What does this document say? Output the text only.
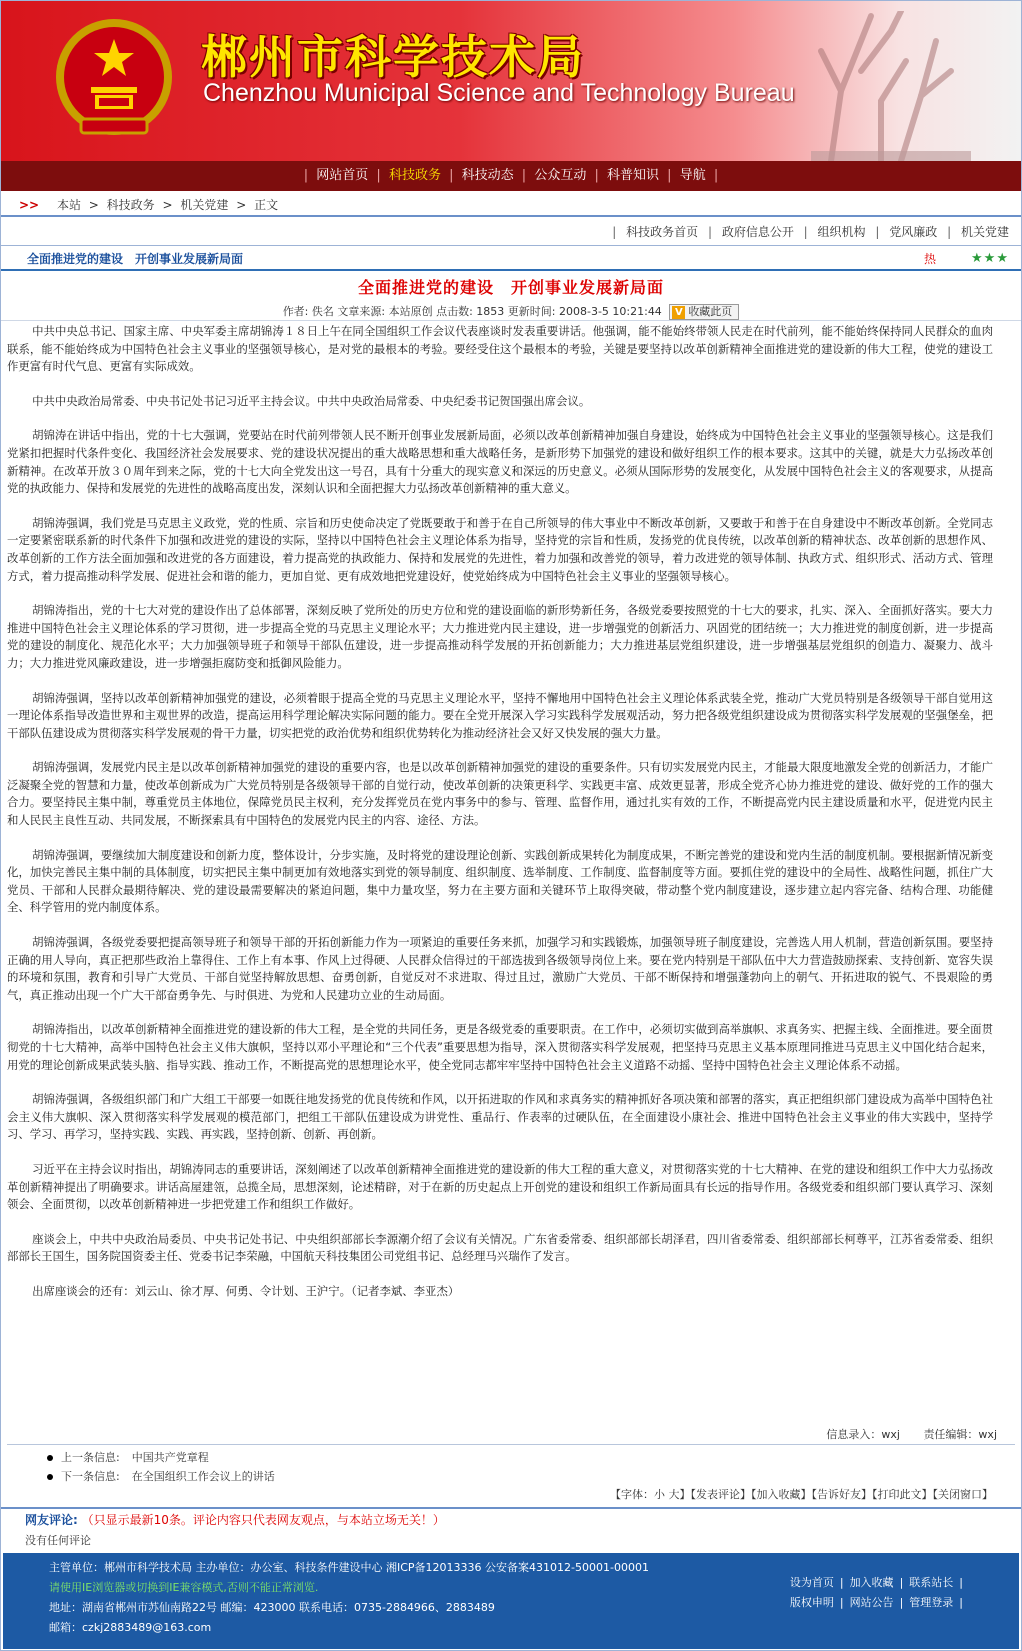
郴州市科学技术局
Chenzhou Municipal Science and Technology Bureau
| 网站首页 | 科技政务 | 科技动态 | 公众互动 | 科普知识 | 导航 |
>> 本站 > 科技政务 > 机关党建 > 正文
| 科技政务首页 | 政府信息公开 | 组织机构 | 党风廉政 | 机关党建
全面推进党的建设　开创事业发展新局面	热	★★★
全面推进党的建设　开创事业发展新局面
作者: 佚名 文章来源: 本站原创 点击数: 1853 更新时间: 2008-3-5 10:21:44 V 收藏此页

中共中央总书记、国家主席、中央军委主席胡锦涛１８日上午在同全国组织工作会议代表座谈时发表重要讲话。他强调，能不能始终带领人民走在时代前列，能不能始终保持同人民群众的血肉联系，能不能始终成为中国特色社会主义事业的坚强领导核心，是对党的最根本的考验。要经受住这个最根本的考验，关键是要坚持以改革创新精神全面推进党的建设新的伟大工程，使党的建设工作更富有时代气息、更富有实际成效。

中共中央政治局常委、中央书记处书记习近平主持会议。中共中央政治局常委、中央纪委书记贺国强出席会议。

胡锦涛在讲话中指出，党的十七大强调，党要站在时代前列带领人民不断开创事业发展新局面，必须以改革创新精神加强自身建设，始终成为中国特色社会主义事业的坚强领导核心。这是我们党紧扣把握时代条件变化、我国经济社会发展要求、党的建设状况提出的重大战略思想和重大战略任务，是新形势下加强党的建设和做好组织工作的根本要求。这其中的关键，就是大力弘扬改革创新精神。在改革开放３０周年到来之际，党的十七大向全党发出这一号召，具有十分重大的现实意义和深远的历史意义。必须从国际形势的发展变化，从发展中国特色社会主义的客观要求，从提高党的执政能力、保持和发展党的先进性的战略高度出发，深刻认识和全面把握大力弘扬改革创新精神的重大意义。

胡锦涛强调，我们党是马克思主义政党，党的性质、宗旨和历史使命决定了党既要敢于和善于在自己所领导的伟大事业中不断改革创新，又要敢于和善于在自身建设中不断改革创新。全党同志一定要紧密联系新的时代条件下加强和改进党的建设的实际，坚持以中国特色社会主义理论体系为指导，坚持党的宗旨和性质，发扬党的优良传统，以改革创新的精神状态、改革创新的思想作风、改革创新的工作方法全面加强和改进党的各方面建设，着力提高党的执政能力、保持和发展党的先进性，着力加强和改善党的领导，着力改进党的领导体制、执政方式、组织形式、活动方式、管理方式，着力提高推动科学发展、促进社会和谐的能力，更加自觉、更有成效地把党建设好，使党始终成为中国特色社会主义事业的坚强领导核心。

胡锦涛指出，党的十七大对党的建设作出了总体部署，深刻反映了党所处的历史方位和党的建设面临的新形势新任务，各级党委要按照党的十七大的要求，扎实、深入、全面抓好落实。要大力推进中国特色社会主义理论体系的学习贯彻，进一步提高全党的马克思主义理论水平；大力推进党内民主建设，进一步增强党的创新活力、巩固党的团结统一；大力推进党的制度创新，进一步提高党的建设的制度化、规范化水平；大力加强领导班子和领导干部队伍建设，进一步提高推动科学发展的开拓创新能力；大力推进基层党组织建设，进一步增强基层党组织的创造力、凝聚力、战斗力；大力推进党风廉政建设，进一步增强拒腐防变和抵御风险能力。

胡锦涛强调，坚持以改革创新精神加强党的建设，必须着眼于提高全党的马克思主义理论水平，坚持不懈地用中国特色社会主义理论体系武装全党，推动广大党员特别是各级领导干部自觉用这一理论体系指导改造世界和主观世界的改造，提高运用科学理论解决实际问题的能力。要在全党开展深入学习实践科学发展观活动，努力把各级党组织建设成为贯彻落实科学发展观的坚强堡垒，把干部队伍建设成为贯彻落实科学发展观的骨干力量，切实把党的政治优势和组织优势转化为推动经济社会又好又快发展的强大力量。

胡锦涛强调，发展党内民主是以改革创新精神加强党的建设的重要内容，也是以改革创新精神加强党的建设的重要条件。只有切实发展党内民主，才能最大限度地激发全党的创新活力，才能广泛凝聚全党的智慧和力量，使改革创新成为广大党员特别是各级领导干部的自觉行动，使改革创新的决策更科学、实践更丰富、成效更显著，形成全党齐心协力推进党的建设、做好党的工作的强大合力。要坚持民主集中制，尊重党员主体地位，保障党员民主权利，充分发挥党员在党内事务中的参与、管理、监督作用，通过扎实有效的工作，不断提高党内民主建设质量和水平，促进党内民主和人民民主良性互动、共同发展，不断探索具有中国特色的发展党内民主的内容、途径、方法。

胡锦涛强调，要继续加大制度建设和创新力度，整体设计，分步实施，及时将党的建设理论创新、实践创新成果转化为制度成果，不断完善党的建设和党内生活的制度机制。要根据新情况新变化，加快完善民主集中制的具体制度，切实把民主集中制更加有效地落实到党的领导制度、组织制度、选举制度、工作制度、监督制度等方面。要抓住党的建设中的全局性、战略性问题，抓住广大党员、干部和人民群众最期待解决、党的建设最需要解决的紧迫问题，集中力量攻坚，努力在主要方面和关键环节上取得突破，带动整个党内制度建设，逐步建立起内容完备、结构合理、功能健全、科学管用的党内制度体系。

胡锦涛强调，各级党委要把提高领导班子和领导干部的开拓创新能力作为一项紧迫的重要任务来抓，加强学习和实践锻炼，加强领导班子制度建设，完善选人用人机制，营造创新氛围。要坚持正确的用人导向，真正把那些政治上靠得住、工作上有本事、作风上过得硬、人民群众信得过的干部选拔到各级领导岗位上来。要在党内特别是干部队伍中大力营造鼓励探索、支持创新、宽容失误的环境和氛围，教育和引导广大党员、干部自觉坚持解放思想、奋勇创新，自觉反对不求进取、得过且过，激励广大党员、干部不断保持和增强蓬勃向上的朝气、开拓进取的锐气、不畏艰险的勇气，真正推动出现一个广大干部奋勇争先、与时俱进、为党和人民建功立业的生动局面。

胡锦涛指出，以改革创新精神全面推进党的建设新的伟大工程，是全党的共同任务，更是各级党委的重要职责。在工作中，必须切实做到高举旗帜、求真务实、把握主线、全面推进。要全面贯彻党的十七大精神，高举中国特色社会主义伟大旗帜，坚持以邓小平理论和“三个代表”重要思想为指导，深入贯彻落实科学发展观，把坚持马克思主义基本原理同推进马克思主义中国化结合起来，用党的理论创新成果武装头脑、指导实践、推动工作，不断提高党的思想理论水平，使全党同志都牢牢坚持中国特色社会主义道路不动摇、坚持中国特色社会主义理论体系不动摇。

胡锦涛强调，各级组织部门和广大组工干部要一如既往地发扬党的优良传统和作风，以开拓进取的作风和求真务实的精神抓好各项决策和部署的落实，真正把组织部门建设成为高举中国特色社会主义伟大旗帜、深入贯彻落实科学发展观的模范部门，把组工干部队伍建设成为讲党性、重品行、作表率的过硬队伍，在全面建设小康社会、推进中国特色社会主义事业的伟大实践中，坚持学习、学习、再学习，坚持实践、实践、再实践，坚持创新、创新、再创新。

习近平在主持会议时指出，胡锦涛同志的重要讲话，深刻阐述了以改革创新精神全面推进党的建设新的伟大工程的重大意义，对贯彻落实党的十七大精神、在党的建设和组织工作中大力弘扬改革创新精神提出了明确要求。讲话高屋建瓴，总揽全局，思想深刻，论述精辟，对于在新的历史起点上开创党的建设和组织工作新局面具有长远的指导作用。各级党委和组织部门要认真学习、深刻领会、全面贯彻，以改革创新精神进一步把党建工作和组织工作做好。

座谈会上，中共中央政治局委员、中央书记处书记、中央组织部部长李源潮介绍了会议有关情况。广东省委常委、组织部部长胡泽君，四川省委常委、组织部部长柯尊平，江苏省委常委、组织部部长王国生，国务院国资委主任、党委书记李荣融，中国航天科技集团公司党组书记、总经理马兴瑞作了发言。

出席座谈会的还有：刘云山、徐才厚、何勇、令计划、王沪宁。（记者李斌、李亚杰）

信息录入：wxj 责任编辑：wxj
上一条信息: 中国共产党章程
下一条信息: 在全国组织工作会议上的讲话
【字体：小 大】【发表评论】【加入收藏】【告诉好友】【打印此文】【关闭窗口】
网友评论: （只显示最新10条。评论内容只代表网友观点，与本站立场无关！）
没有任何评论
主管单位：郴州市科学技术局 主办单位：办公室、科技条件建设中心 湘ICP备12013336 公安备案431012-50001-00001
请使用IE浏览器或切换到IE兼容模式,否则不能正常浏览.
地址：湖南省郴州市苏仙南路22号 邮编：423000 联系电话：0735-2884966、2883489
邮箱：czkj2883489@163.com
设为首页 | 加入收藏 | 联系站长 |
版权申明 | 网站公告 | 管理登录 |
